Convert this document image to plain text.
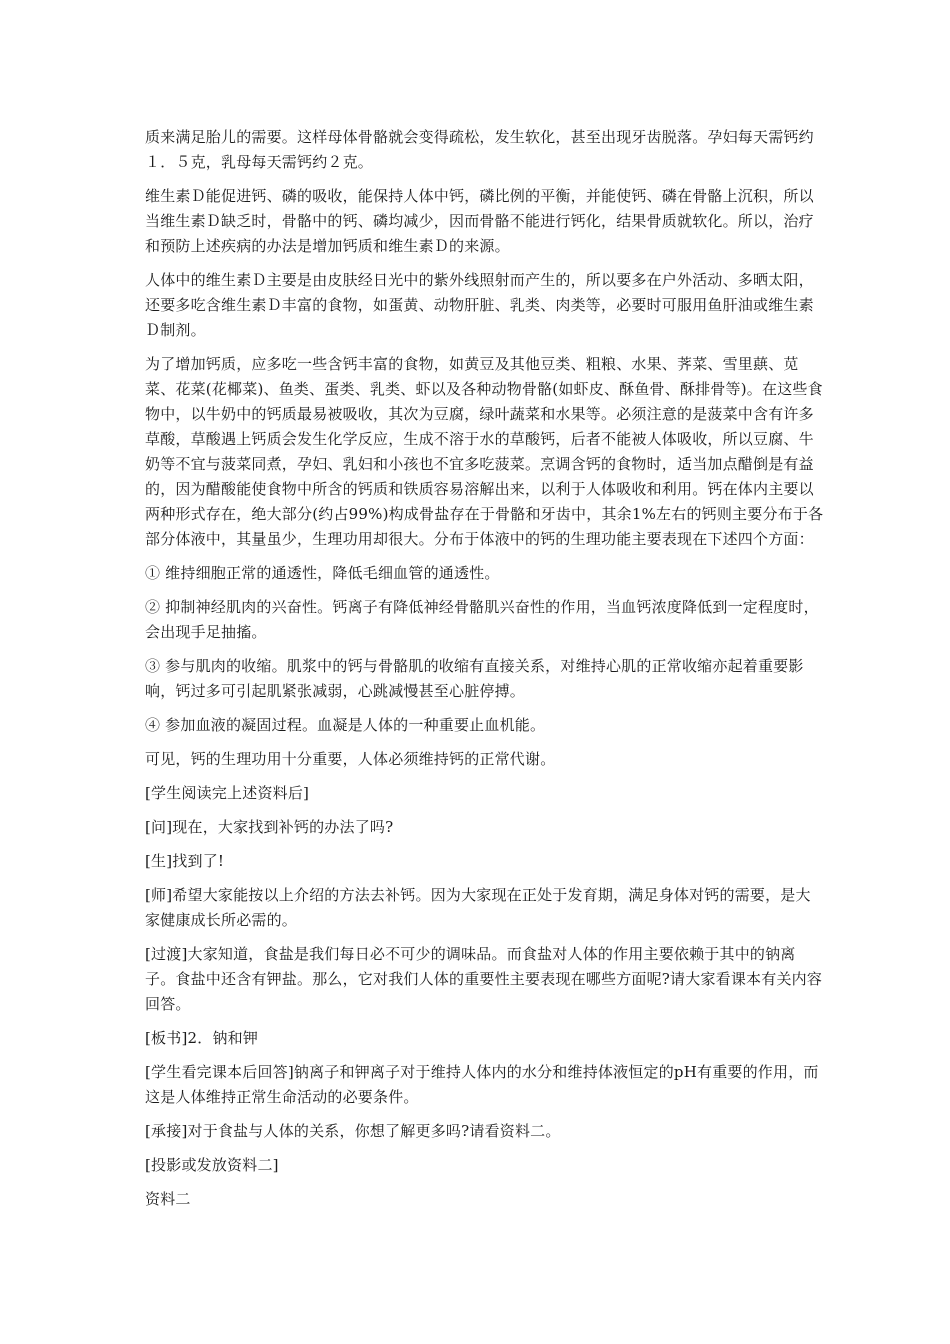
质来满足胎儿的需要。这样母体骨骼就会变得疏松，发生软化，甚至出现牙齿脱落。孕妇每天需钙约１．５克，乳母每天需钙约２克。

维生素Ｄ能促进钙、磷的吸收，能保持人体中钙，磷比例的平衡，并能使钙、磷在骨骼上沉积，所以当维生素Ｄ缺乏时，骨骼中的钙、磷均减少，因而骨骼不能进行钙化，结果骨质就软化。所以，治疗和预防上述疾病的办法是增加钙质和维生素Ｄ的来源。

人体中的维生素Ｄ主要是由皮肤经日光中的紫外线照射而产生的，所以要多在户外活动、多晒太阳，还要多吃含维生素Ｄ丰富的食物，如蛋黄、动物肝脏、乳类、肉类等，必要时可服用鱼肝油或维生素Ｄ制剂。

为了增加钙质，应多吃一些含钙丰富的食物，如黄豆及其他豆类、粗粮、水果、荠菜、雪里蕻、苋菜、花菜(花椰菜)、鱼类、蛋类、乳类、虾以及各种动物骨骼(如虾皮、酥鱼骨、酥排骨等)。在这些食物中，以牛奶中的钙质最易被吸收，其次为豆腐，绿叶蔬菜和水果等。必须注意的是菠菜中含有许多草酸，草酸遇上钙质会发生化学反应，生成不溶于水的草酸钙，后者不能被人体吸收，所以豆腐、牛奶等不宜与菠菜同煮，孕妇、乳妇和小孩也不宜多吃菠菜。烹调含钙的食物时，适当加点醋倒是有益的，因为醋酸能使食物中所含的钙质和铁质容易溶解出来，以利于人体吸收和利用。钙在体内主要以两种形式存在，绝大部分(约占99%)构成骨盐存在于骨骼和牙齿中，其余1%左右的钙则主要分布于各部分体液中，其量虽少，生理功用却很大。分布于体液中的钙的生理功能主要表现在下述四个方面：

① 维持细胞正常的通透性，降低毛细血管的通透性。

② 抑制神经肌肉的兴奋性。钙离子有降低神经骨骼肌兴奋性的作用，当血钙浓度降低到一定程度时，会出现手足抽搐。

③ 参与肌肉的收缩。肌浆中的钙与骨骼肌的收缩有直接关系，对维持心肌的正常收缩亦起着重要影响，钙过多可引起肌紧张减弱，心跳减慢甚至心脏停搏。

④ 参加血液的凝固过程。血凝是人体的一种重要止血机能。

可见，钙的生理功用十分重要，人体必须维持钙的正常代谢。

[学生阅读完上述资料后]

[问]现在，大家找到补钙的办法了吗?

[生]找到了!

[师]希望大家能按以上介绍的方法去补钙。因为大家现在正处于发育期，满足身体对钙的需要，是大家健康成长所必需的。

[过渡]大家知道，食盐是我们每日必不可少的调味品。而食盐对人体的作用主要依赖于其中的钠离子。食盐中还含有钾盐。那么，它对我们人体的重要性主要表现在哪些方面呢?请大家看课本有关内容回答。

[板书]2．钠和钾

[学生看完课本后回答]钠离子和钾离子对于维持人体内的水分和维持体液恒定的pH有重要的作用，而这是人体维持正常生命活动的必要条件。

[承接]对于食盐与人体的关系，你想了解更多吗?请看资料二。

[投影或发放资料二]

资料二
